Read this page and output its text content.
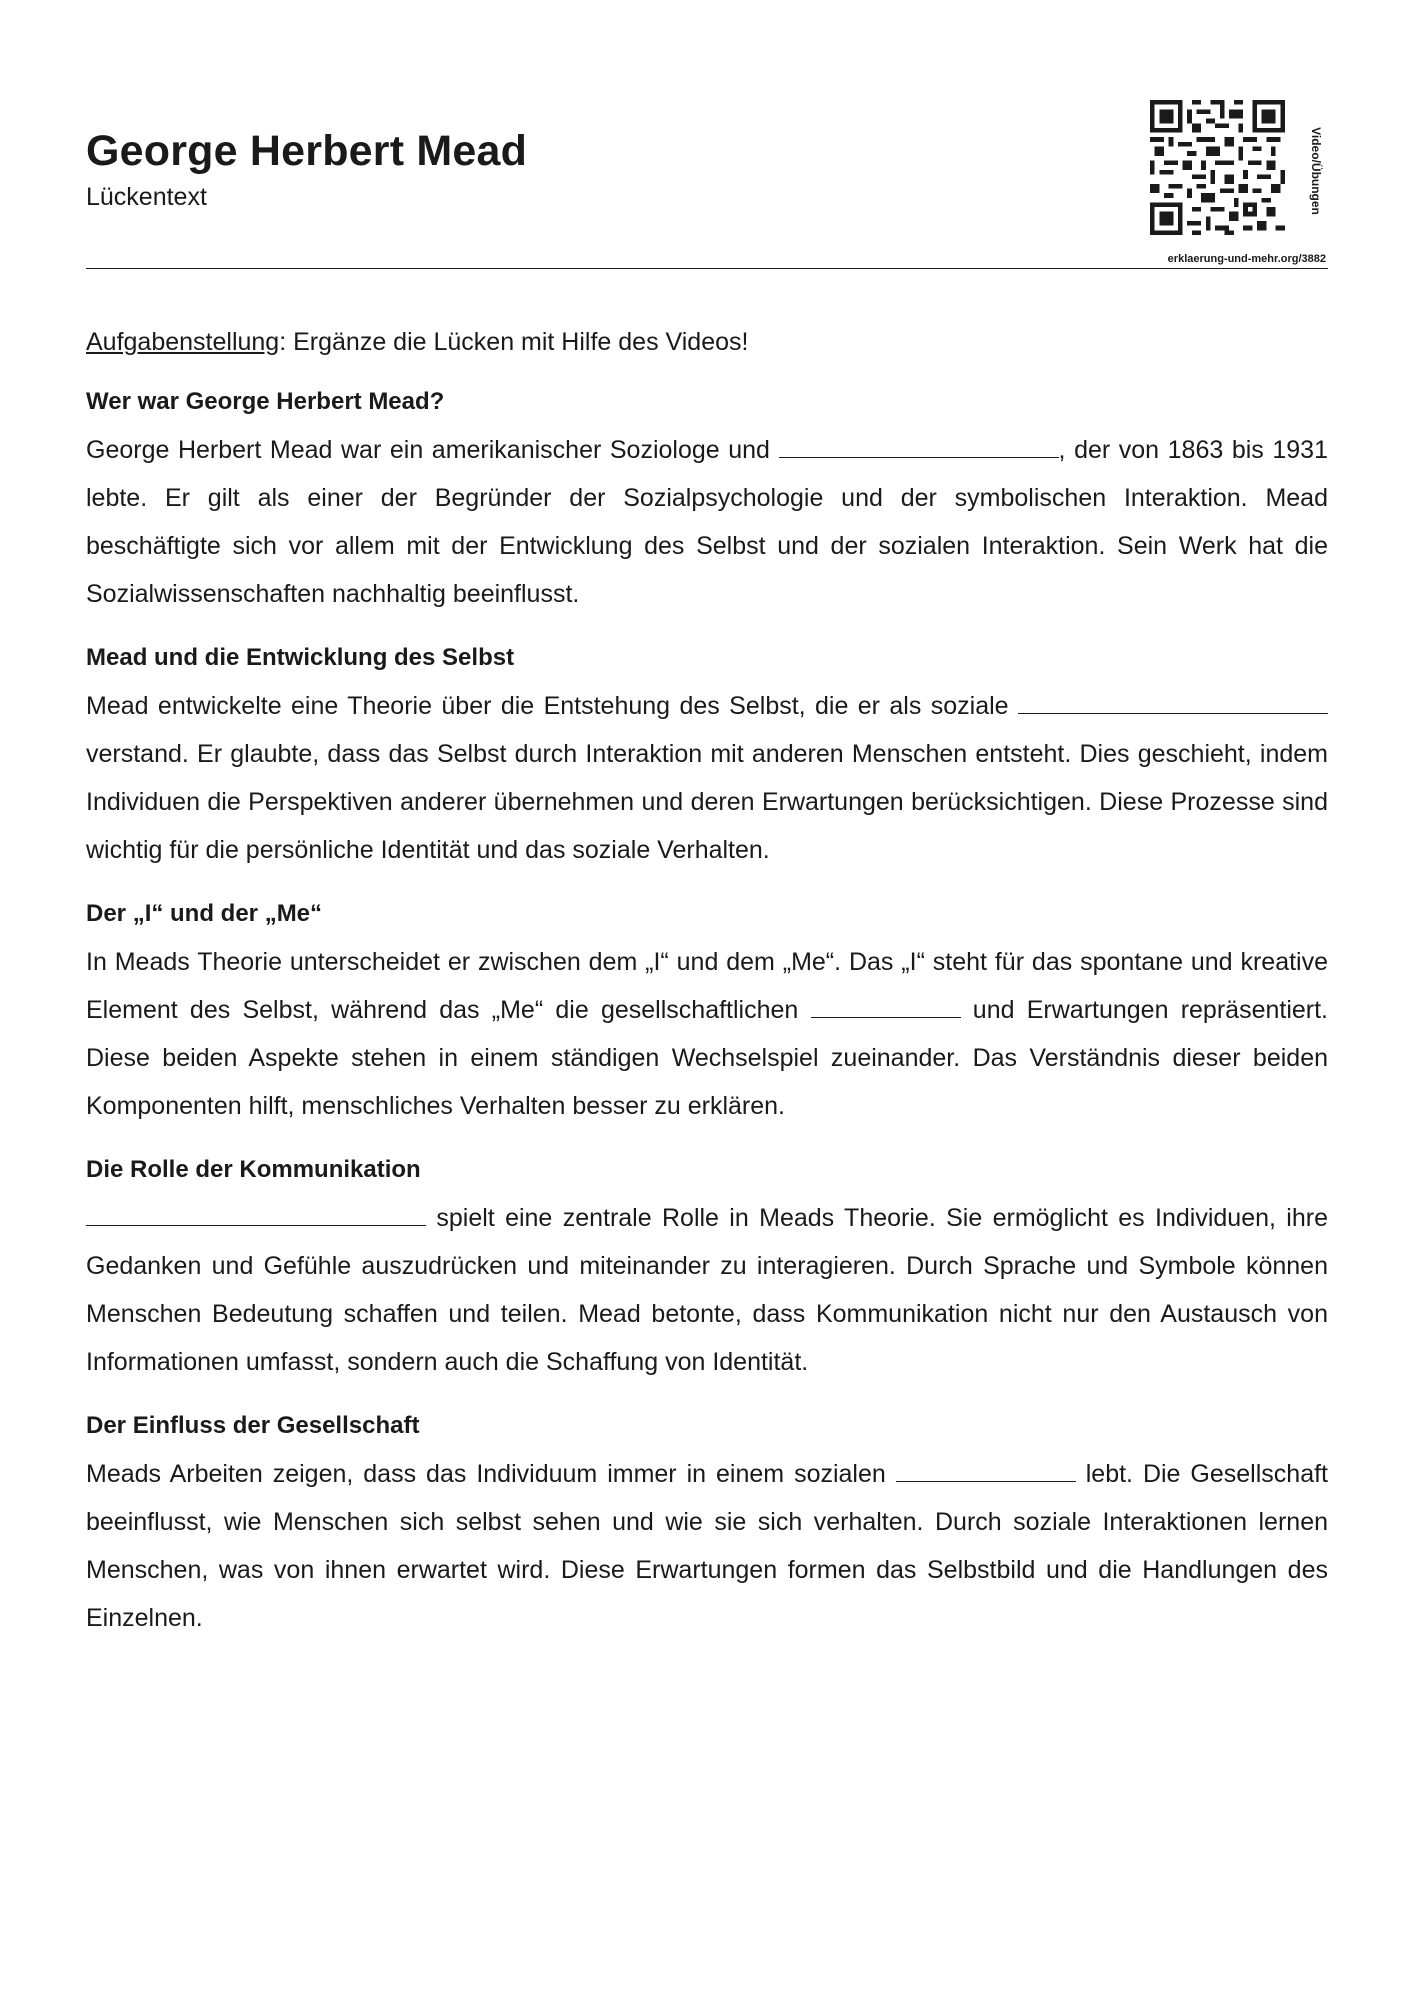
George Herbert Mead
Lückentext	Video/Übungen
erklaerung-und-mehr.org/3882

Aufgabenstellung: Ergänze die Lücken mit Hilfe des Videos!

Wer war George Herbert Mead?

George Herbert Mead war ein amerikanischer Soziologe und	, der von 1863 bis 1931 lebte. Er gilt als einer der Begründer der Sozialpsychologie und der symbolischen Interaktion. Mead beschäftigte sich vor allem mit der Entwicklung des Selbst und der sozialen Interaktion. Sein Werk hat die Sozialwissenschaften nachhaltig beeinflusst.

Mead und die Entwicklung des Selbst

Mead entwickelte eine Theorie über die Entstehung des Selbst, die er als soziale  verstand. Er glaubte, dass das Selbst durch Interaktion mit anderen Menschen entsteht. Dies geschieht, indem Individuen die Perspektiven anderer übernehmen und deren Erwartungen berücksichtigen. Diese Prozesse sind wichtig für die persönliche Identität und das soziale Verhalten.

Der „I“ und der „Me“

In Meads Theorie unterscheidet er zwischen dem „I“ und dem „Me“. Das „I“ steht für das spontane und kreative Element des Selbst, während das „Me“ die gesellschaftlichen	und Erwartungen repräsentiert. Diese beiden Aspekte stehen in einem ständigen Wechselspiel zueinander. Das Verständnis dieser beiden Komponenten hilft, menschliches Verhalten besser zu erklären.

Die Rolle der Kommunikation

spielt eine zentrale Rolle in Meads Theorie. Sie ermöglicht es Individuen, ihre Gedanken und Gefühle auszudrücken und miteinander zu interagieren. Durch Sprache und Symbole können Menschen Bedeutung schaffen und teilen. Mead betonte, dass Kommunikation nicht nur den Austausch von Informationen umfasst, sondern auch die Schaffung von Identität.

Der Einfluss der Gesellschaft

Meads Arbeiten zeigen, dass das Individuum immer in einem sozialen	lebt. Die Gesellschaft beeinflusst, wie Menschen sich selbst sehen und wie sie sich verhalten. Durch soziale Interaktionen lernen Menschen, was von ihnen erwartet wird. Diese Erwartungen formen das Selbstbild und die Handlungen des Einzelnen.
